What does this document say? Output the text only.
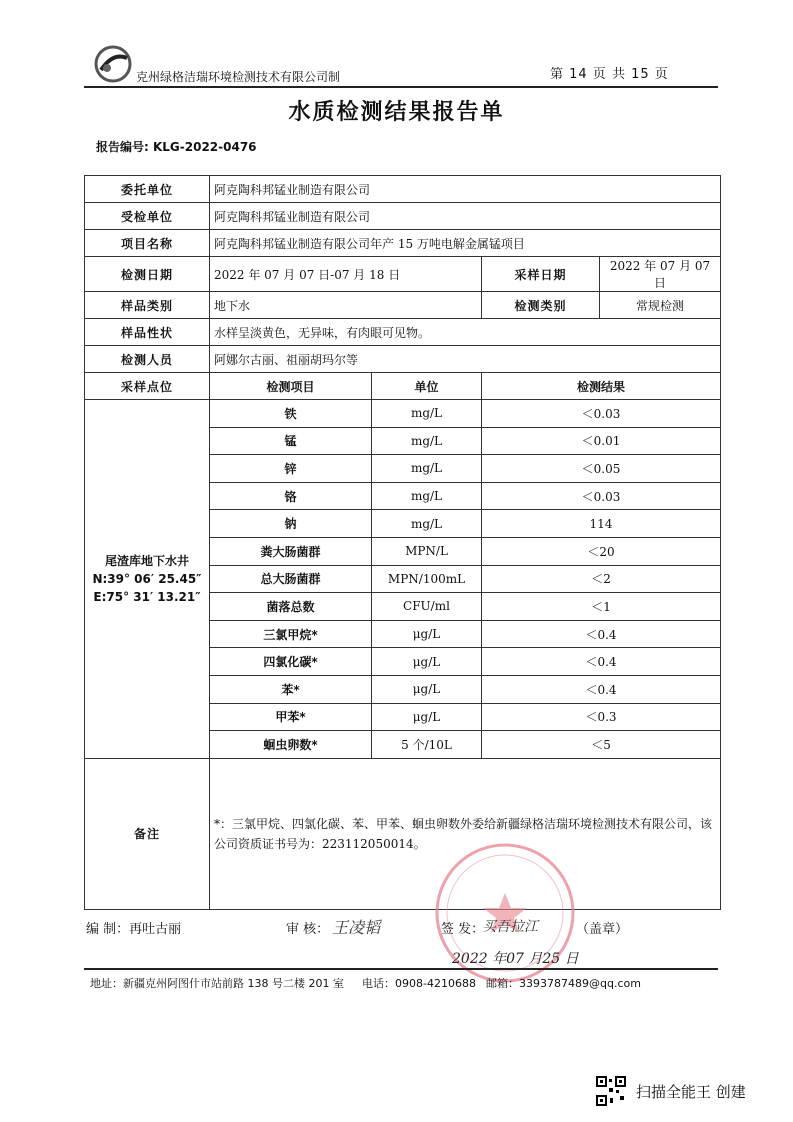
克州绿格洁瑞环境检测技术有限公司制	第 14 页 共 15 页
水质检测结果报告单
报告编号: KLG-2022-0476
委托单位	阿克陶科邦锰业制造有限公司			
受检单位	阿克陶科邦锰业制造有限公司			
项目名称	阿克陶科邦锰业制造有限公司年产 15 万吨电解金属锰项目			
检测日期	2022 年 07 月 07 日-07 月 18 日		采样日期	2022 年 07 月 07 日
样品类别	地下水		检测类别	常规检测
样品性状	水样呈淡黄色，无异味，有肉眼可见物。			
检测人员	阿娜尔古丽、祖丽胡玛尔等			
采样点位	检测项目	单位	检测结果	

尾渣库地下水井
N:39° 06′ 25.45″
E:75° 31′ 13.21″	铁	mg/L	＜0.03	
	锰	mg/L	＜0.01	
	锌	mg/L	＜0.05	
	铬	mg/L	＜0.03	
	钠	mg/L	114	
	粪大肠菌群	MPN/L	＜20	
	总大肠菌群	MPN/100mL	＜2	
	菌落总数	CFU/ml	＜1	
	三氯甲烷*	μg/L	＜0.4	
	四氯化碳*	μg/L	＜0.4	
	苯*	μg/L	＜0.4	
	甲苯*	μg/L	＜0.3	
	蛔虫卵数*	5 个/10L	＜5	
备注	*：三氯甲烷、四氯化碳、苯、甲苯、蛔虫卵数外委给新疆绿格洁瑞环境检测技术有限公司，该公司资质证书号为：223112050014。			
编 制：再吐古丽	审 核： 王凌韬	签 发：
买吾拉江	（盖章）
2022 年07 月25 日
地址：新疆克州阿图什市站前路 138 号二楼 201 室 电话：0908-4210688 邮箱：3393787489@qq.com
扫描全能王 创建
